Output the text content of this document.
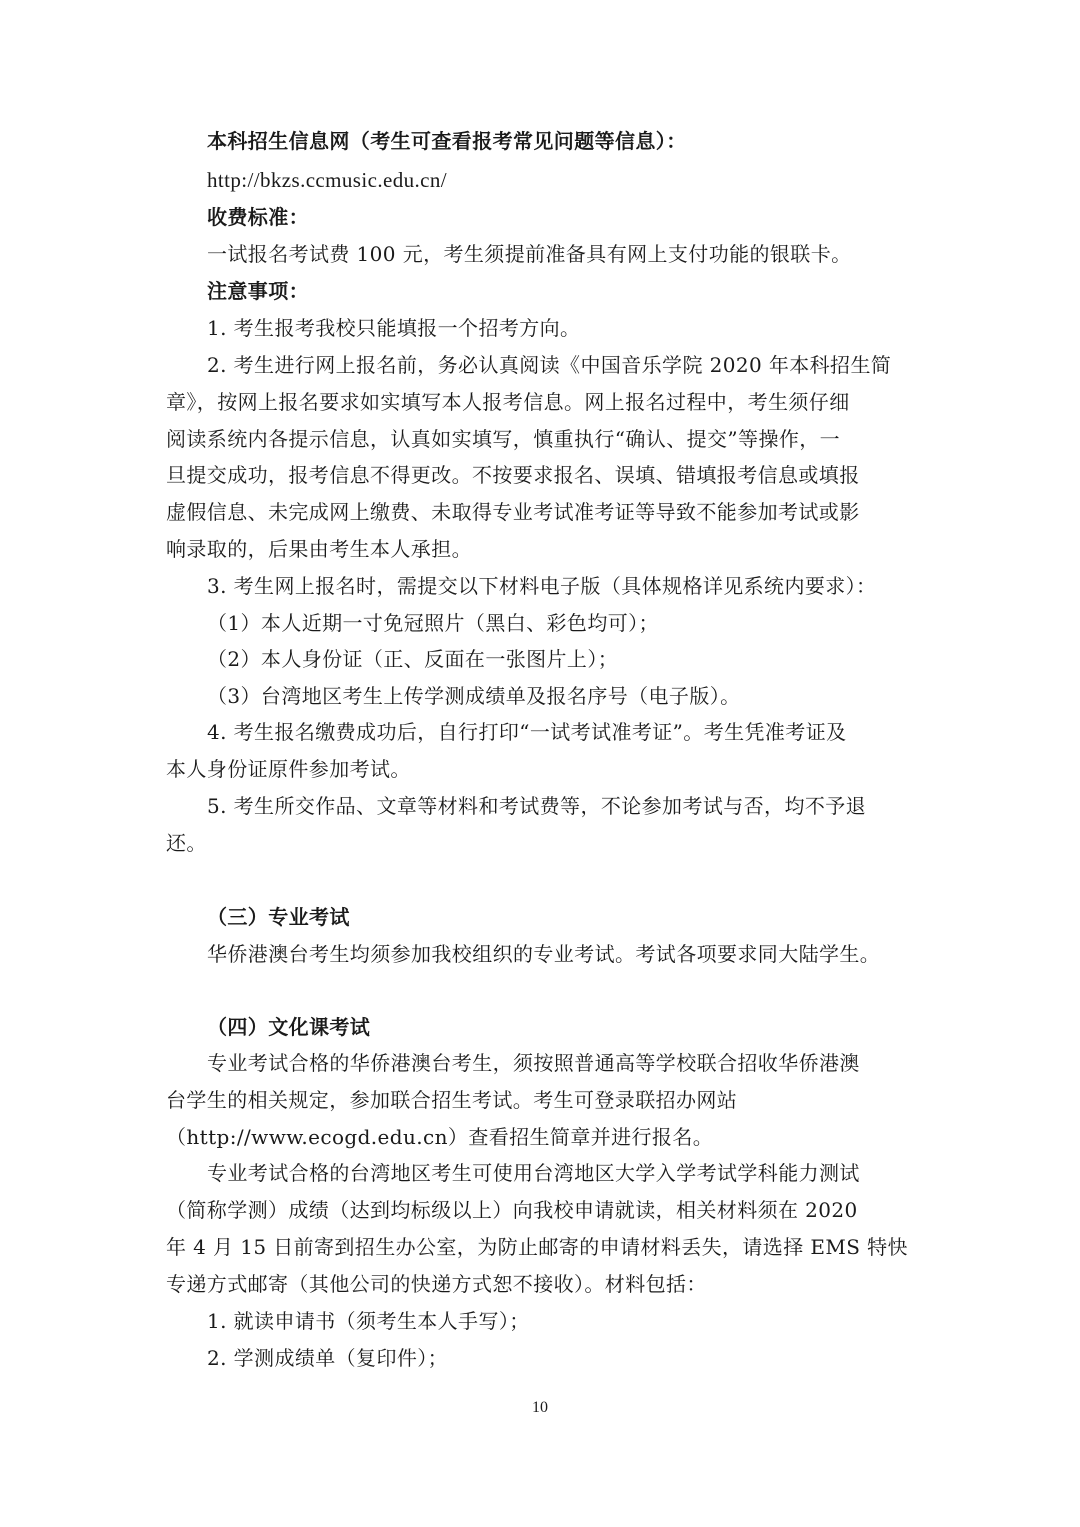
本科招生信息网（考生可查看报考常见问题等信息）：
http://bkzs.ccmusic.edu.cn/
收费标准：
一试报名考试费 100 元，考生须提前准备具有网上支付功能的银联卡。
注意事项：
1. 考生报考我校只能填报一个招考方向。
2. 考生进行网上报名前，务必认真阅读《中国音乐学院 2020 年本科招生简
章》，按网上报名要求如实填写本人报考信息。网上报名过程中，考生须仔细
阅读系统内各提示信息，认真如实填写，慎重执行“确认、提交”等操作，一
旦提交成功，报考信息不得更改。不按要求报名、误填、错填报考信息或填报
虚假信息、未完成网上缴费、未取得专业考试准考证等导致不能参加考试或影
响录取的，后果由考生本人承担。
3. 考生网上报名时，需提交以下材料电子版（具体规格详见系统内要求）：
（1）本人近期一寸免冠照片（黑白、彩色均可）；
（2）本人身份证（正、反面在一张图片上）；
（3）台湾地区考生上传学测成绩单及报名序号（电子版）。
4. 考生报名缴费成功后，自行打印“一试考试准考证”。考生凭准考证及
本人身份证原件参加考试。
5. 考生所交作品、文章等材料和考试费等，不论参加考试与否，均不予退
还。
（三）专业考试
华侨港澳台考生均须参加我校组织的专业考试。考试各项要求同大陆学生。
（四）文化课考试
专业考试合格的华侨港澳台考生，须按照普通高等学校联合招收华侨港澳
台学生的相关规定，参加联合招生考试。考生可登录联招办网站
（http://www.ecogd.edu.cn）查看招生简章并进行报名。
专业考试合格的台湾地区考生可使用台湾地区大学入学考试学科能力测试
（简称学测）成绩（达到均标级以上）向我校申请就读，相关材料须在 2020
年 4 月 15 日前寄到招生办公室，为防止邮寄的申请材料丢失，请选择 EMS 特快
专递方式邮寄（其他公司的快递方式恕不接收）。材料包括：
1. 就读申请书（须考生本人手写）；
2. 学测成绩单（复印件）；
10
